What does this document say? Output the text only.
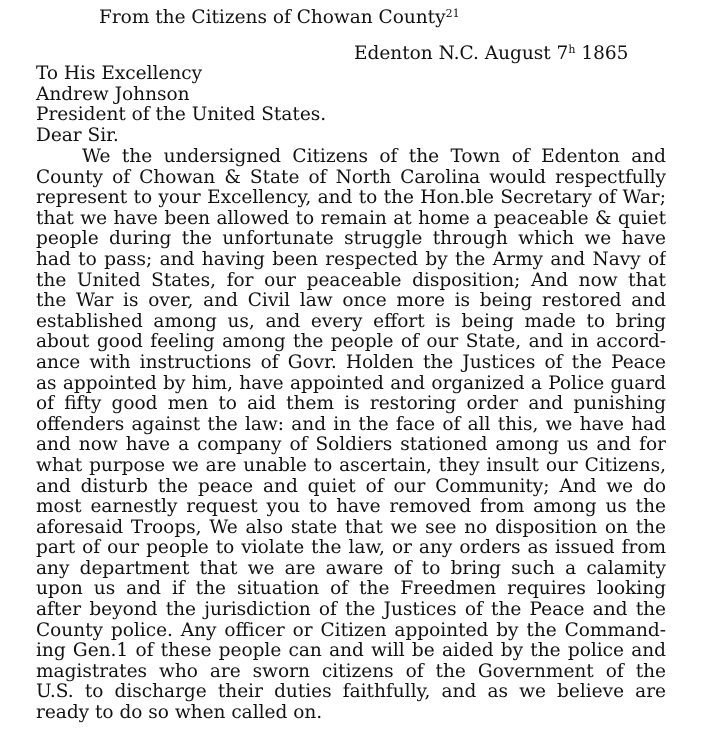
From the Citizens of Chowan County$^{21}$
Edenton N.C. August 7$^h$ 1865
To His Excellency
Andrew Johnson
President of the United States.
Dear Sir.
We the undersigned Citizens of the Town of Edenton and
County of Chowan & State of North Carolina would respectfully
represent to your Excellency, and to the Hon.ble Secretary of War;
that we have been allowed to remain at home a peaceable & quiet
people during the unfortunate struggle through which we have
had to pass; and having been respected by the Army and Navy of
the United States, for our peaceable disposition; And now that
the War is over, and Civil law once more is being restored and
established among us, and every effort is being made to bring
about good feeling among the people of our State, and in accord-
ance with instructions of Govr. Holden the Justices of the Peace
as appointed by him, have appointed and organized a Police guard
of fifty good men to aid them is restoring order and punishing
offenders against the law: and in the face of all this, we have had
and now have a company of Soldiers stationed among us and for
what purpose we are unable to ascertain, they insult our Citizens,
and disturb the peace and quiet of our Community; And we do
most earnestly request you to have removed from among us the
aforesaid Troops, We also state that we see no disposition on the
part of our people to violate the law, or any orders as issued from
any department that we are aware of to bring such a calamity
upon us and if the situation of the Freedmen requires looking
after beyond the jurisdiction of the Justices of the Peace and the
County police. Any officer or Citizen appointed by the Command-
ing Gen.1 of these people can and will be aided by the police and
magistrates who are sworn citizens of the Government of the
U.S. to discharge their duties faithfully, and as we believe are
ready to do so when called on.
